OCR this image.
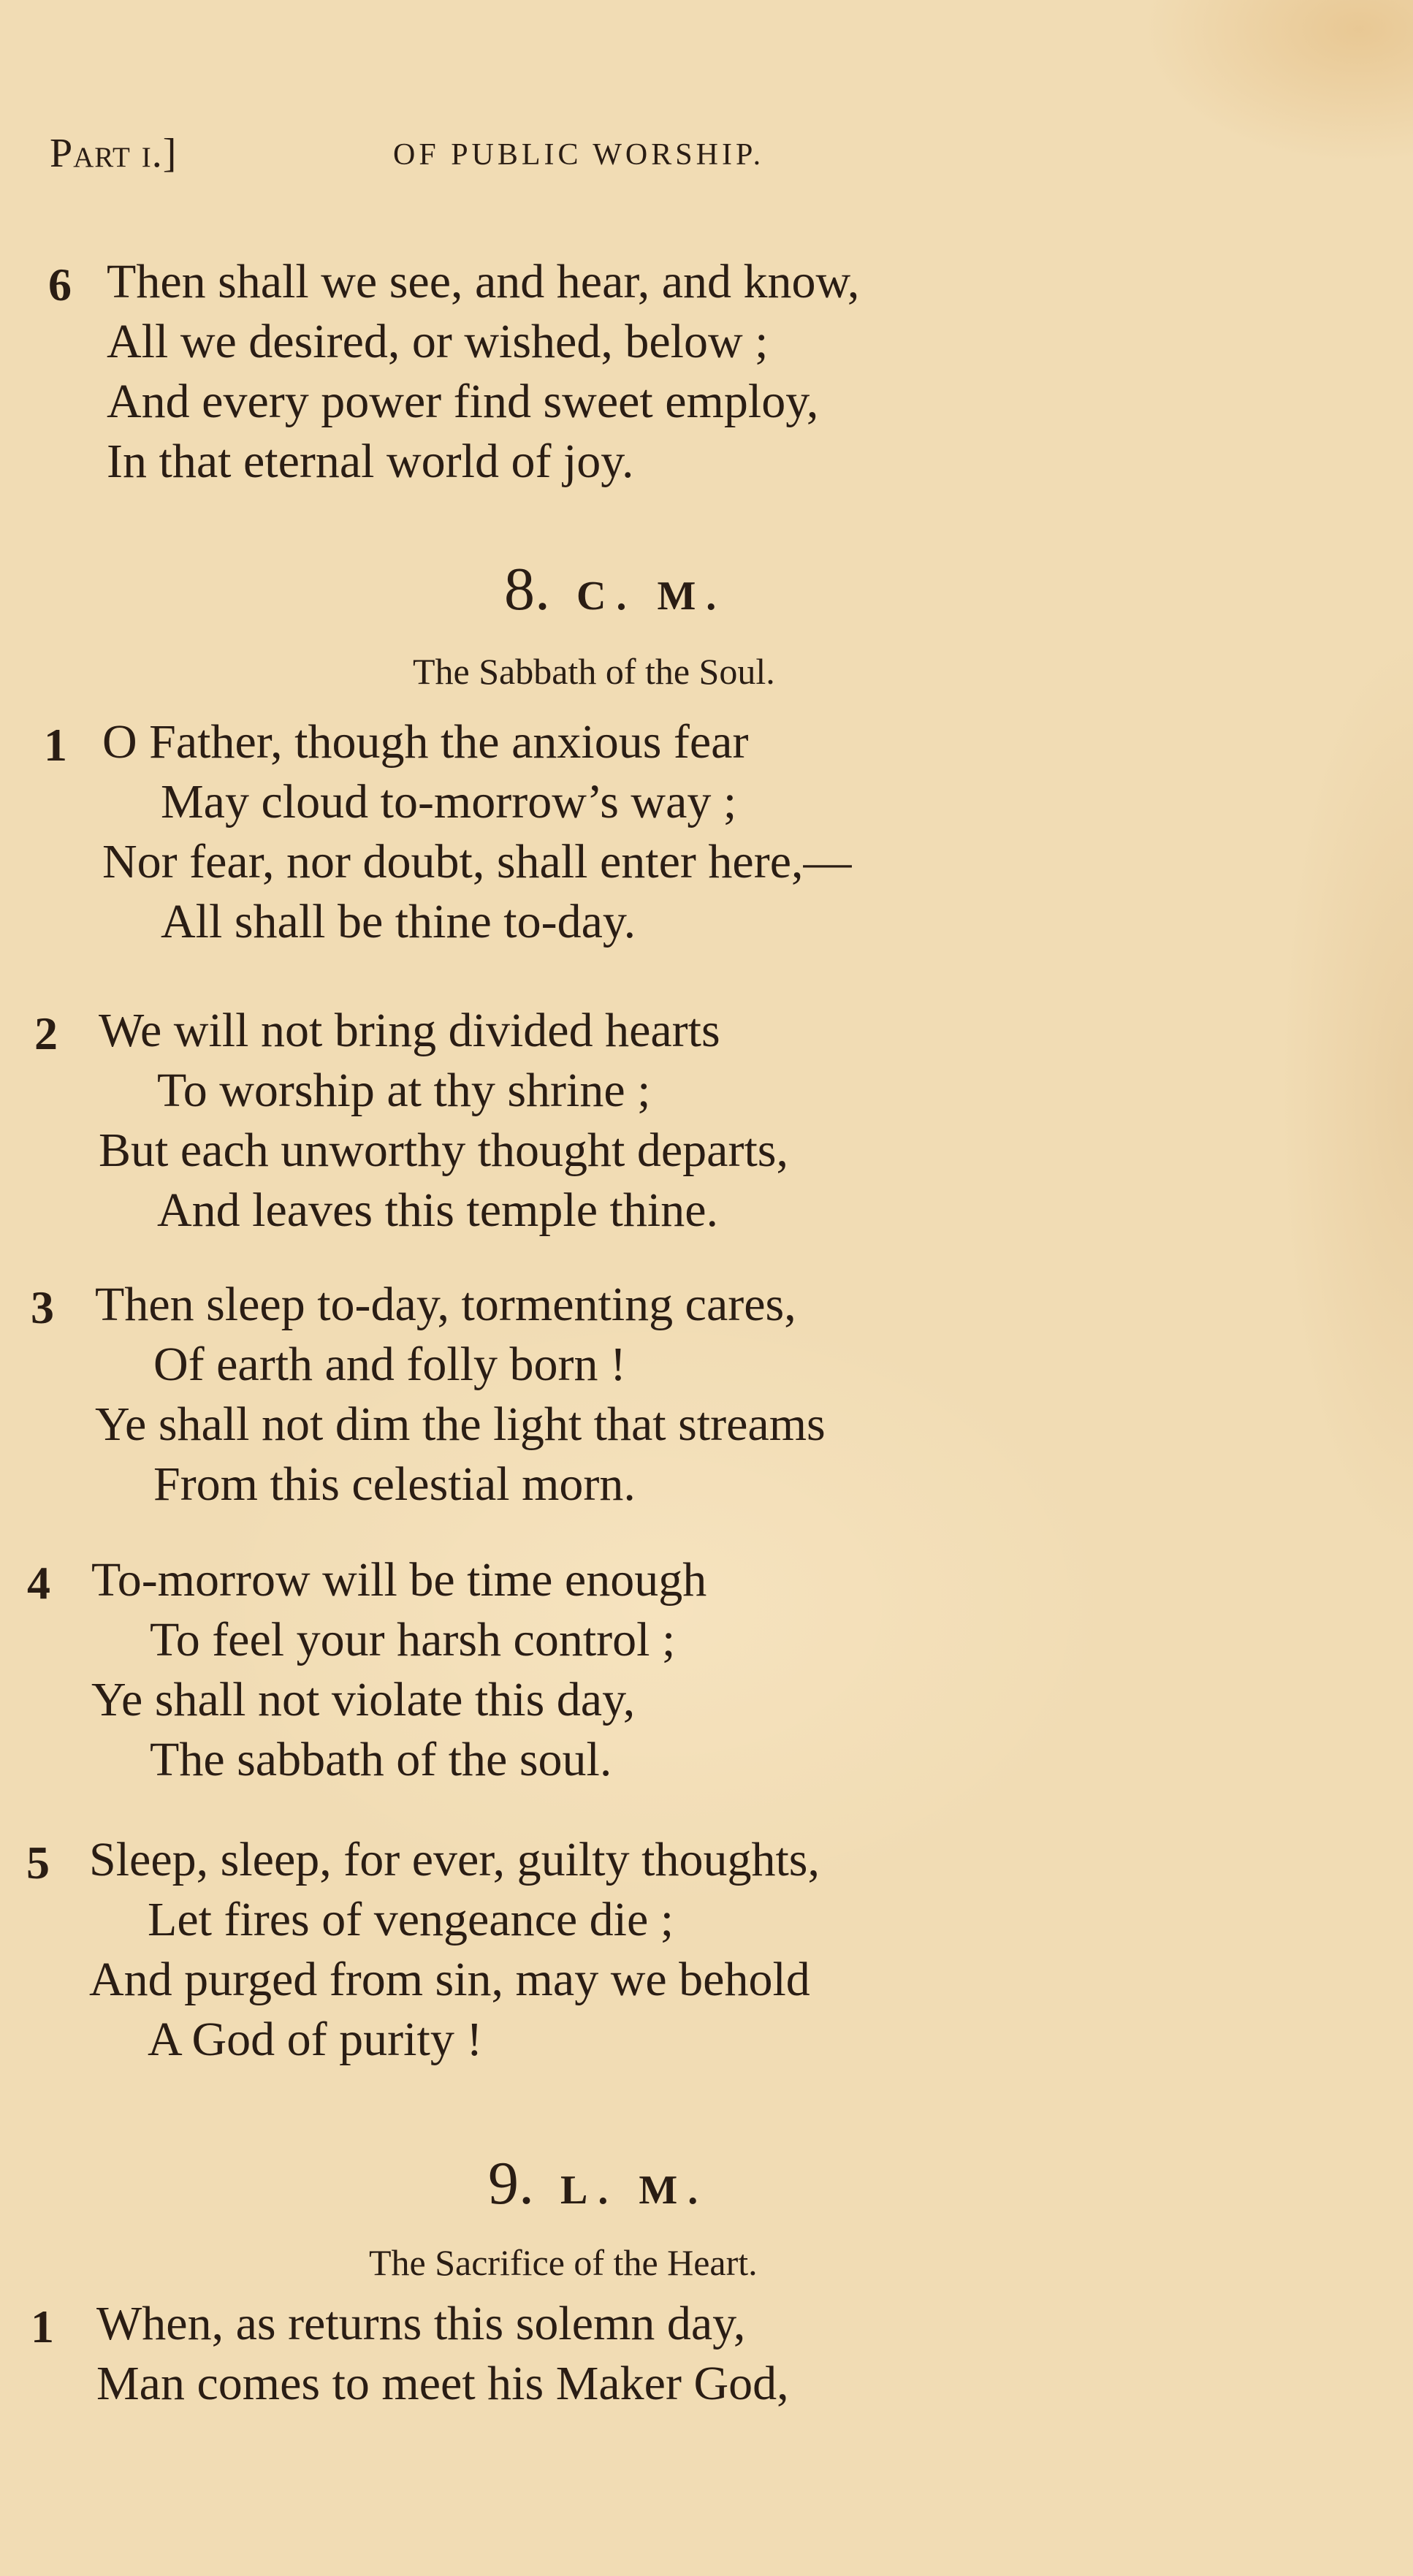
Part i.]	OF PUBLIC WORSHIP.
6 Then shall we see, and hear, and know,
All we desired, or wished, below ;
And every power find sweet employ,
In that eternal world of joy.
8. C. M.
The Sabbath of the Soul.
1 O Father, though the anxious fear
May cloud to-morrow’s way ;
Nor fear, nor doubt, shall enter here,—
All shall be thine to-day.
2 We will not bring divided hearts
To worship at thy shrine ;
But each unworthy thought departs,
And leaves this temple thine.
3 Then sleep to-day, tormenting cares,
Of earth and folly born !
Ye shall not dim the light that streams
From this celestial morn.
4 To-morrow will be time enough
To feel your harsh control ;
Ye shall not violate this day,
The sabbath of the soul.
5 Sleep, sleep, for ever, guilty thoughts,
Let fires of vengeance die ;
And purged from sin, may we behold
A God of purity !
9. L. M.
The Sacrifice of the Heart.
1 When, as returns this solemn day,
Man comes to meet his Maker God,
